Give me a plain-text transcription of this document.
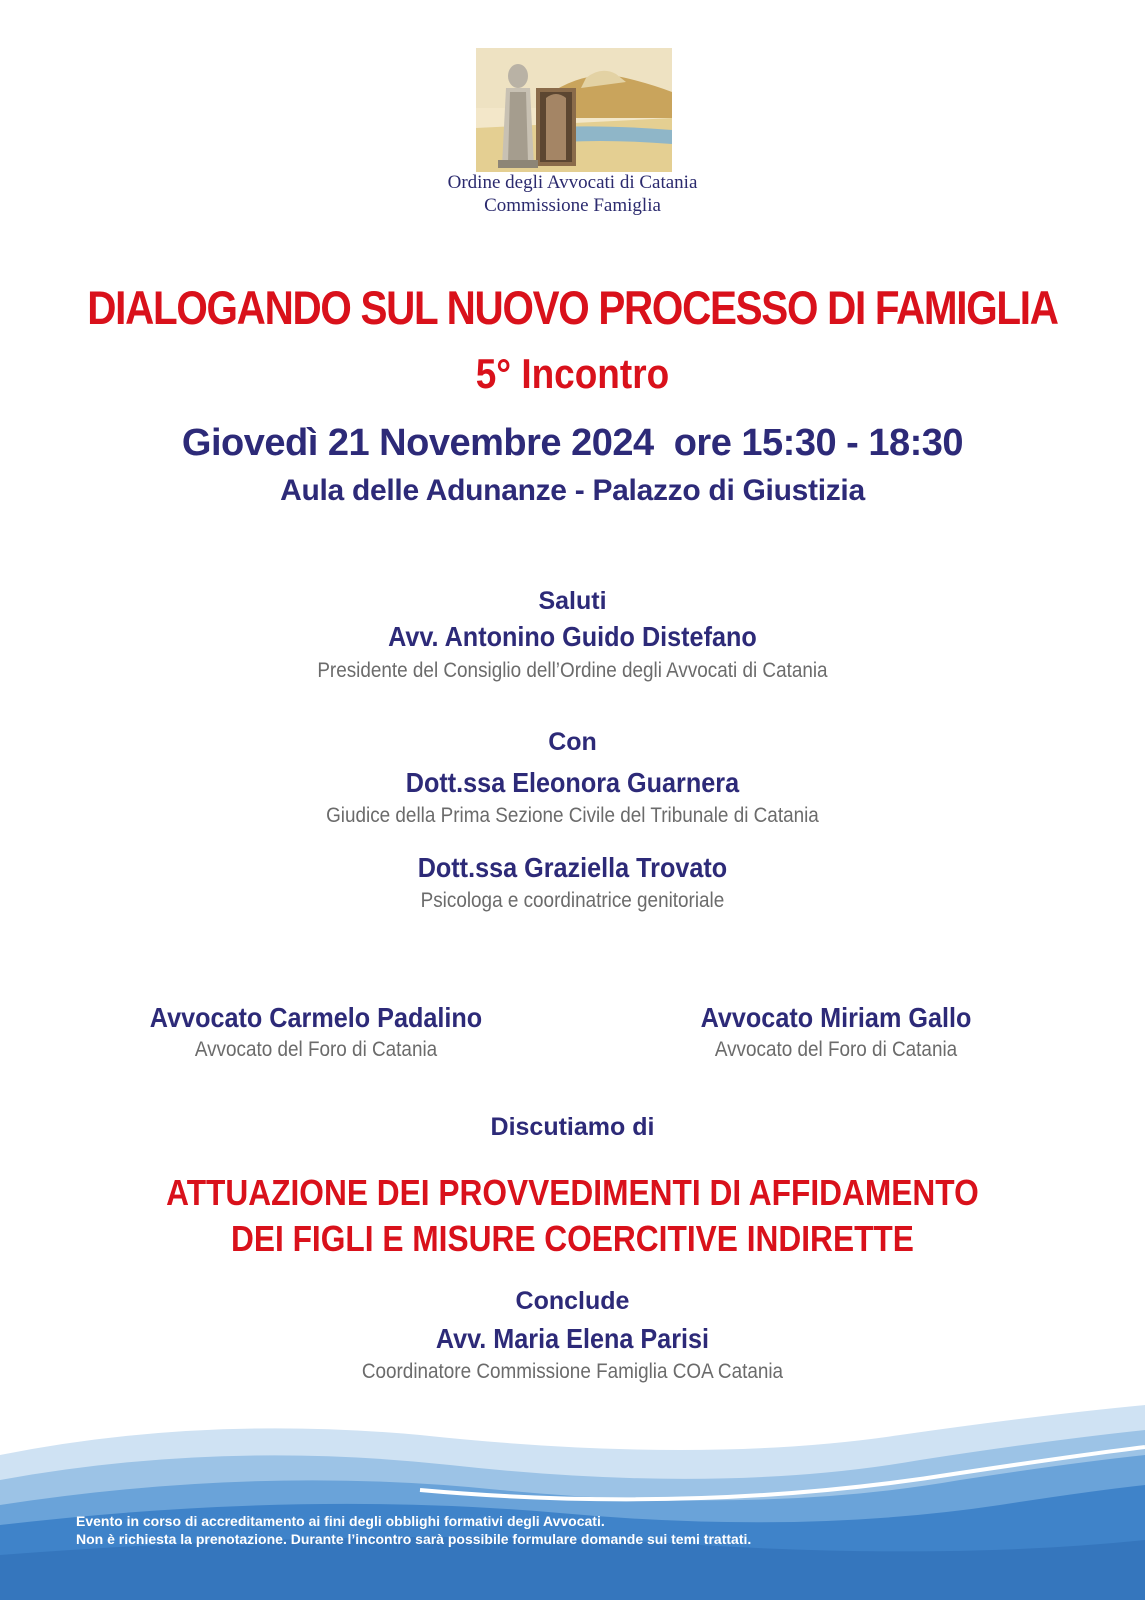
Ordine degli Avvocati di Catania
Commissione Famiglia
DIALOGANDO SUL NUOVO PROCESSO DI FAMIGLIA
5° Incontro
Giovedì 21 Novembre 2024  ore 15:30 - 18:30
Aula delle Adunanze - Palazzo di Giustizia
Saluti
Avv. Antonino Guido Distefano
Presidente del Consiglio dell’Ordine degli Avvocati di Catania
Con
Dott.ssa Eleonora Guarnera
Giudice della Prima Sezione Civile del Tribunale di Catania
Dott.ssa Graziella Trovato
Psicologa e coordinatrice genitoriale
Avvocato Carmelo Padalino
Avvocato del Foro di Catania
Avvocato Miriam Gallo
Avvocato del Foro di Catania
Discutiamo di
ATTUAZIONE DEI PROVVEDIMENTI DI AFFIDAMENTO
DEI FIGLI E MISURE COERCITIVE INDIRETTE
Conclude
Avv. Maria Elena Parisi
Coordinatore Commissione Famiglia COA Catania
Evento in corso di accreditamento ai fini degli obblighi formativi degli Avvocati.
Non è richiesta la prenotazione. Durante l’incontro sarà possibile formulare domande sui temi trattati.
